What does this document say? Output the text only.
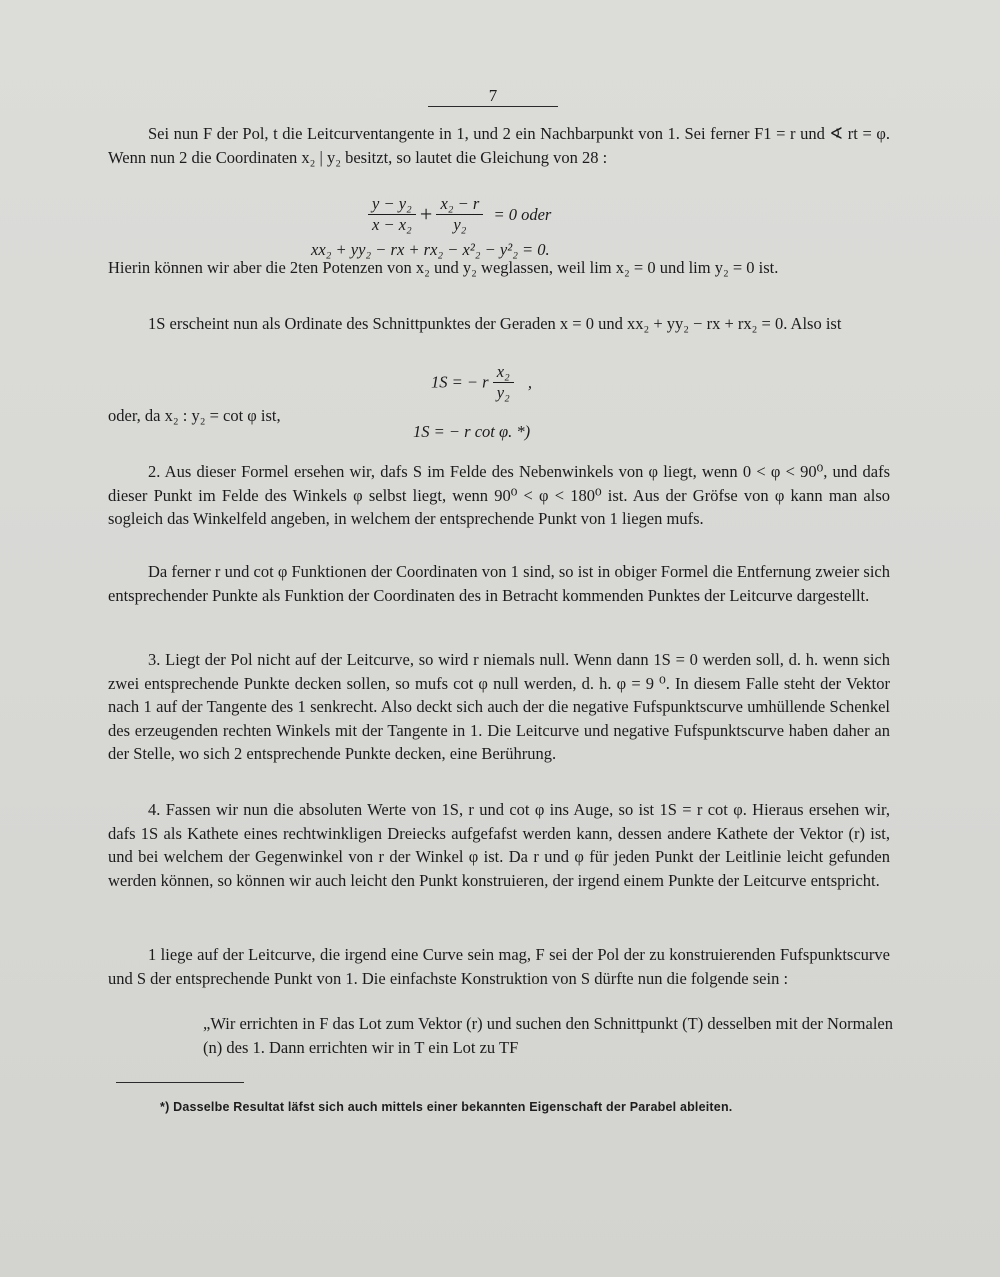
7
Sei nun F der Pol, t die Leitcurventangente in 1, und 2 ein Nachbarpunkt von 1. Sei ferner F1 = r und ∢ rt = φ. Wenn nun 2 die Coordinaten x₂ | y₂ besitzt, so lautet die Gleichung von 28 :
$\frac{\text{y − y₂}}{\text{x − x₂}} + \frac{\text{x₂ − r}}{\text{y₂}} = 0$ oder
xx₂ + yy₂ − rx + rx₂ − x²₂ − y²₂ = 0.
Hierin können wir aber die 2ten Potenzen von x₂ und y₂ weglassen, weil lim x₂ = 0 und lim y₂ = 0 ist.
1S erscheint nun als Ordinate des Schnittpunktes der Geraden x = 0 und xx₂ + yy₂ − rx + rx₂ = 0. Also ist
1S = − r $\frac{\text{x₂}}{\text{y₂}}$ ,
oder, da x₂ : y₂ = cot φ ist,
1S = − r cot φ. *)
2. Aus dieser Formel ersehen wir, dafs S im Felde des Nebenwinkels von φ liegt, wenn 0 < φ < 90⁰, und dafs dieser Punkt im Felde des Winkels φ selbst liegt, wenn 90⁰ < φ < 180⁰ ist. Aus der Gröfse von φ kann man also sogleich das Winkelfeld angeben, in welchem der entsprechende Punkt von 1 liegen mufs.
Da ferner r und cot φ Funktionen der Coordinaten von 1 sind, so ist in obiger Formel die Entfernung zweier sich entsprechender Punkte als Funktion der Coordinaten des in Betracht kommenden Punktes der Leitcurve dargestellt.
3. Liegt der Pol nicht auf der Leitcurve, so wird r niemals null. Wenn dann 1S = 0 werden soll, d. h. wenn sich zwei entsprechende Punkte decken sollen, so mufs cot φ null werden, d. h. φ = 9 ⁰. In diesem Falle steht der Vektor nach 1 auf der Tangente des 1 senkrecht. Also deckt sich auch der die negative Fufspunktscurve umhüllende Schenkel des erzeugenden rechten Winkels mit der Tangente in 1. Die Leitcurve und negative Fufspunktscurve haben daher an der Stelle, wo sich 2 entsprechende Punkte decken, eine Berührung.
4. Fassen wir nun die absoluten Werte von 1S, r und cot φ ins Auge, so ist 1S = r cot φ. Hieraus ersehen wir, dafs 1S als Kathete eines rechtwinkligen Dreiecks aufgefafst werden kann, dessen andere Kathete der Vektor (r) ist, und bei welchem der Gegenwinkel von r der Winkel φ ist. Da r und φ für jeden Punkt der Leitlinie leicht gefunden werden können, so können wir auch leicht den Punkt konstruieren, der irgend einem Punkte der Leitcurve entspricht.
1 liege auf der Leitcurve, die irgend eine Curve sein mag, F sei der Pol der zu konstruierenden Fufspunktscurve und S der entsprechende Punkt von 1. Die einfachste Konstruktion von S dürfte nun die folgende sein :
„Wir errichten in F das Lot zum Vektor (r) und suchen den Schnittpunkt (T) desselben mit der Normalen (n) des 1. Dann errichten wir in T ein Lot zu TF
*) Dasselbe Resultat läfst sich auch mittels einer bekannten Eigenschaft der Parabel ableiten.
